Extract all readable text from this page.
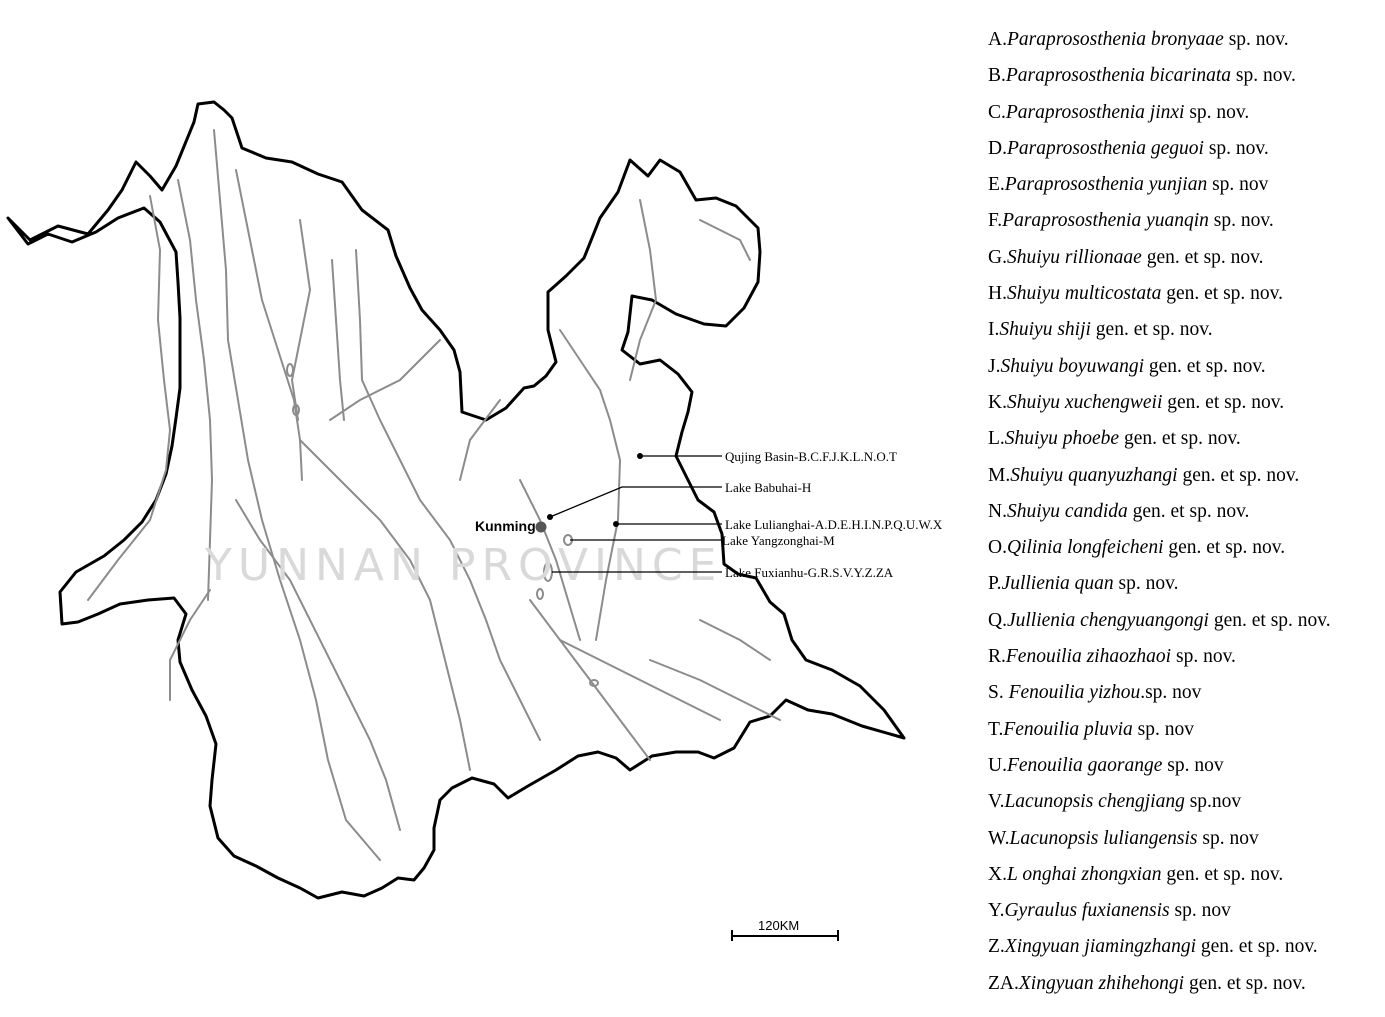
YUNNAN PROVINCE
Kunming
Qujing Basin-B.C.F.J.K.L.N.O.T
Lake Babuhai-H
Lake Lulianghai-A.D.E.H.I.N.P.Q.U.W.X
Lake Yangzonghai-M
Lake Fuxianhu-G.R.S.V.Y.Z.ZA
120KM
A.Paraprososthenia bronyaae sp. nov.
B.Paraprososthenia bicarinata sp. nov.
C.Paraprososthenia jinxi sp. nov.
D.Paraprososthenia geguoi sp. nov.
E.Paraprososthenia yunjian sp. nov
F.Paraprososthenia yuanqin sp. nov.
G.Shuiyu rillionaae gen. et sp. nov.
H.Shuiyu multicostata gen. et sp. nov.
I.Shuiyu shiji gen. et sp. nov.
J.Shuiyu boyuwangi gen. et sp. nov.
K.Shuiyu xuchengweii gen. et sp. nov.
L.Shuiyu phoebe gen. et sp. nov.
M.Shuiyu quanyuzhangi gen. et sp. nov.
N.Shuiyu candida gen. et sp. nov.
O.Qilinia longfeicheni gen. et sp. nov.
P.Jullienia quan sp. nov.
Q.Jullienia chengyuangongi gen. et sp. nov.
R.Fenouilia zihaozhaoi sp. nov.
S. Fenouilia yizhou.sp. nov
T.Fenouilia pluvia sp. nov
U.Fenouilia gaorange sp. nov
V.Lacunopsis chengjiang sp.nov
W.Lacunopsis luliangensis sp. nov
X.L onghai zhongxian gen. et sp. nov.
Y.Gyraulus fuxianensis sp. nov
Z.Xingyuan jiamingzhangi gen. et sp. nov.
ZA.Xingyuan zhihehongi gen. et sp. nov.
